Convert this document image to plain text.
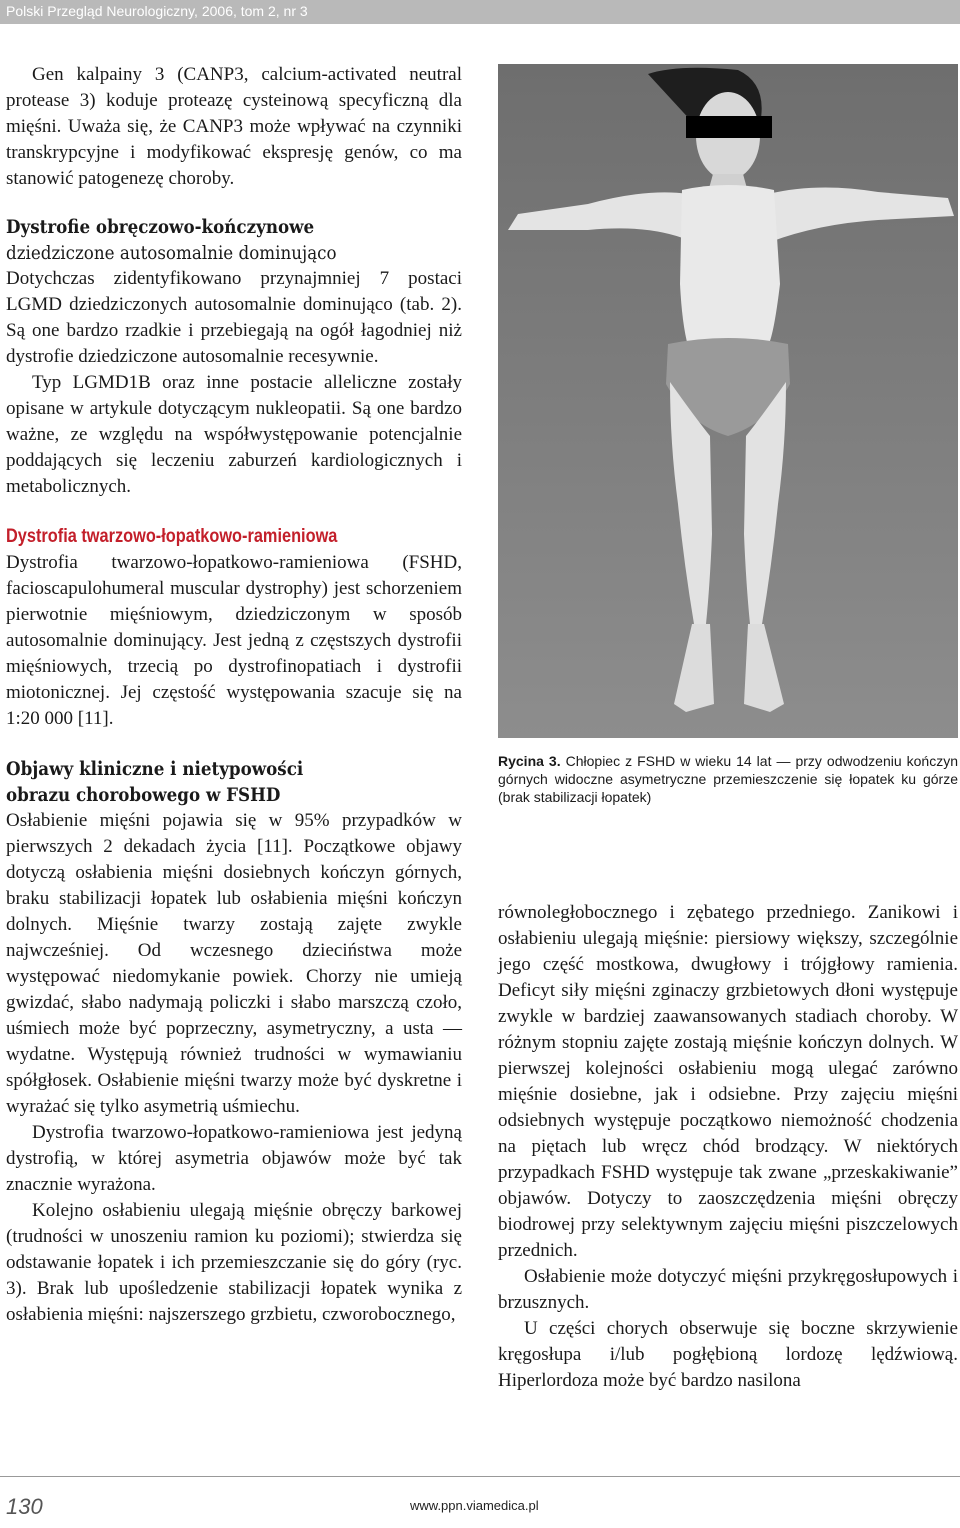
Polski Przegląd Neurologiczny, 2006, tom 2, nr 3

Gen kalpainy 3 (CANP3, calcium-activated neutral protease 3) koduje proteazę cysteinową specyficzną dla mięśni. Uważa się, że CANP3 może wpływać na czynniki transkrypcyjne i modyfikować ekspresję genów, co ma stanowić patogenezę choroby.

Dystrofie obręczowo-kończynowe

dziedziczone autosomalnie dominująco

Dotychczas zidentyfikowano przynajmniej 7 postaci LGMD dziedziczonych autosomalnie dominująco (tab. 2). Są one bardzo rzadkie i przebiegają na ogół łagodniej niż dystrofie dziedziczone autosomalnie recesywnie.

Typ LGMD1B oraz inne postacie alleliczne zostały opisane w artykule dotyczącym nukleopatii. Są one bardzo ważne, ze względu na współwystępowanie potencjalnie poddających się leczeniu zaburzeń kardiologicznych i metabolicznych.

Dystrofia twarzowo-łopatkowo-ramieniowa

Dystrofia twarzowo-łopatkowo-ramieniowa (FSHD, facioscapulohumeral muscular dystrophy) jest schorzeniem pierwotnie mięśniowym, dziedziczonym w sposób autosomalnie dominujący. Jest jedną z częstszych dystrofii mięśniowych, trzecią po dystrofinopatiach i dystrofii miotonicznej. Jej częstość występowania szacuje się na 1:20 000 [11].

Objawy kliniczne i nietypowości

obrazu chorobowego w FSHD

Osłabienie mięśni pojawia się w 95% przypadków w pierwszych 2 dekadach życia [11]. Początkowe objawy dotyczą osłabienia mięśni dosiebnych kończyn górnych, braku stabilizacji łopatek lub osłabienia mięśni kończyn dolnych. Mięśnie twarzy zostają zajęte zwykle najwcześniej. Od wczesnego dzieciństwa może występować niedomykanie powiek. Chorzy nie umieją gwizdać, słabo nadymają policzki i słabo marszczą czoło, uśmiech może być poprzeczny, asymetryczny, a usta — wydatne. Występują również trudności w wymawianiu spółgłosek. Osłabienie mięśni twarzy może być dyskretne i wyrażać się tylko asymetrią uśmiechu.

Dystrofia twarzowo-łopatkowo-ramieniowa jest jedyną dystrofią, w której asymetria objawów może być tak znacznie wyrażona.

Kolejno osłabieniu ulegają mięśnie obręczy barkowej (trudności w unoszeniu ramion ku poziomi); stwierdza się odstawanie łopatek i ich przemieszczanie się do góry (ryc. 3). Brak lub upośledzenie stabilizacji łopatek wynika z osłabienia mięśni: najszerszego grzbietu, czworobocznego,

Rycina 3. Chłopiec z FSHD w wieku 14 lat — przy odwodzeniu kończyn górnych widoczne asymetryczne przemieszczenie się łopatek ku górze (brak stabilizacji łopatek)

równoległobocznego i zębatego przedniego. Zanikowi i osłabieniu ulegają mięśnie: piersiowy większy, szczególnie jego część mostkowa, dwugłowy i trójgłowy ramienia. Deficyt siły mięśni zginaczy grzbietowych dłoni występuje zwykle w bardziej zaawansowanych stadiach choroby. W różnym stopniu zajęte zostają mięśnie kończyn dolnych. W pierwszej kolejności osłabieniu mogą ulegać zarówno mięśnie dosiebne, jak i odsiebne. Przy zajęciu mięśni odsiebnych występuje początkowo niemożność chodzenia na piętach lub wręcz chód brodzący. W niektórych przypadkach FSHD występuje tak zwane „przeskakiwanie” objawów. Dotyczy to zaoszczędzenia mięśni obręczy biodrowej przy selektywnym zajęciu mięśni piszczelowych przednich.

Osłabienie może dotyczyć mięśni przykręgosłupowych i brzusznych.

U części chorych obserwuje się boczne skrzywienie kręgosłupa i/lub pogłębioną lordozę lędźwiową. Hiperlordoza może być bardzo nasilona

130	www.ppn.viamedica.pl
